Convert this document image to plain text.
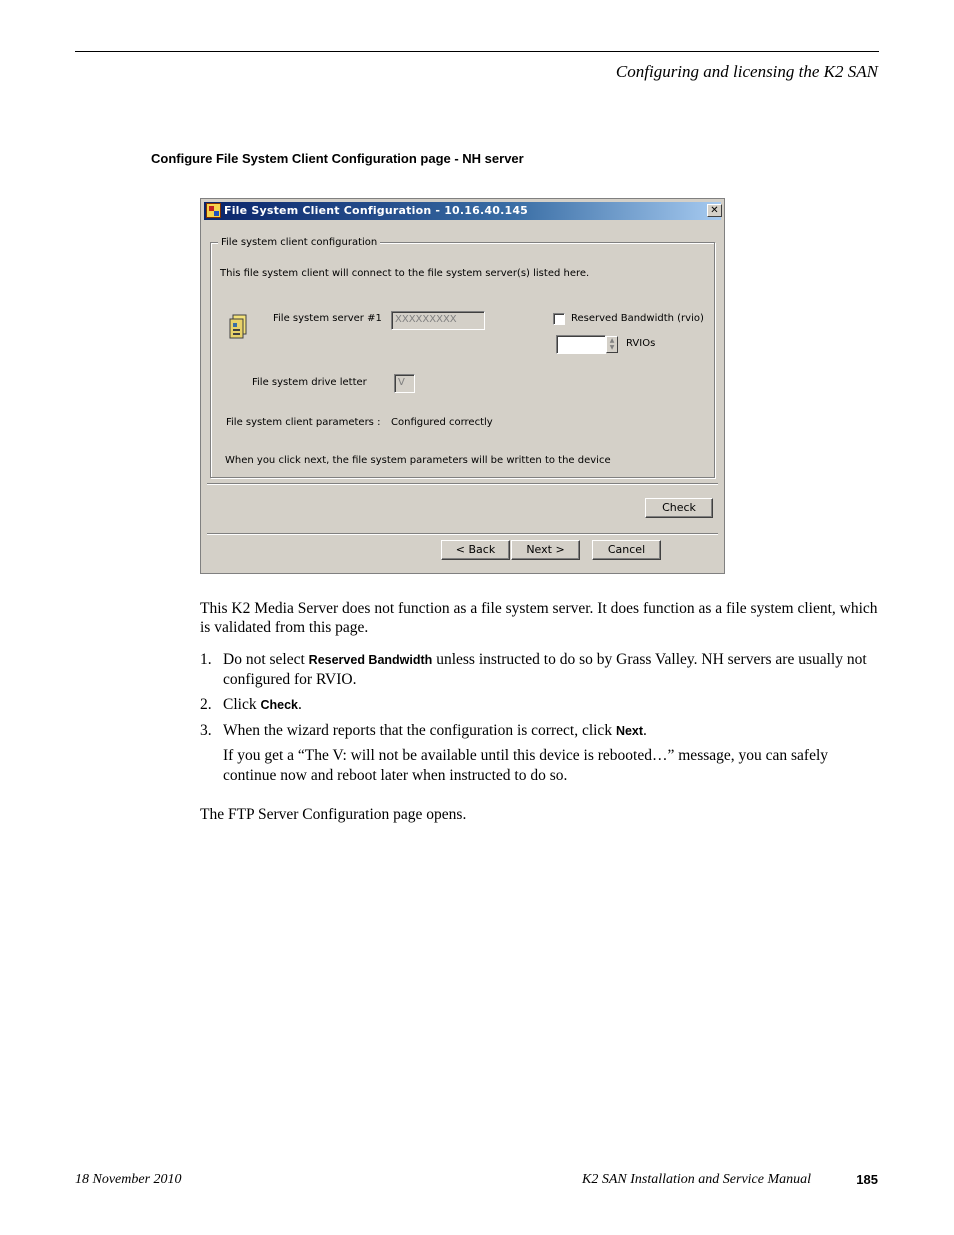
Configuring and licensing the K2 SAN
Configure File System Client Configuration page - NH server
File System Client Configuration - 10.16.40.145	✕
File system client configuration
This file system client will connect to the file system server(s) listed here.
File system server #1	XXXXXXXXX	Reserved Bandwidth (rvio)
▲
▼ RVIOs
File system drive letter	V
File system client parameters : Configured correctly
When you click next, the file system parameters will be written to the device
Check
< Back	Next >	Cancel
This K2 Media Server does not function as a file system server. It does function as a file system client, which is validated from this page.
1. Do not select Reserved Bandwidth unless instructed to do so by Grass Valley. NH servers are usually not configured for RVIO.
2. Click Check.
3. When the wizard reports that the configuration is correct, click Next.
If you get a “The V: will not be available until this device is rebooted…” message, you can safely continue now and reboot later when instructed to do so.
The FTP Server Configuration page opens.
18 November 2010	K2 SAN Installation and Service Manual	185
